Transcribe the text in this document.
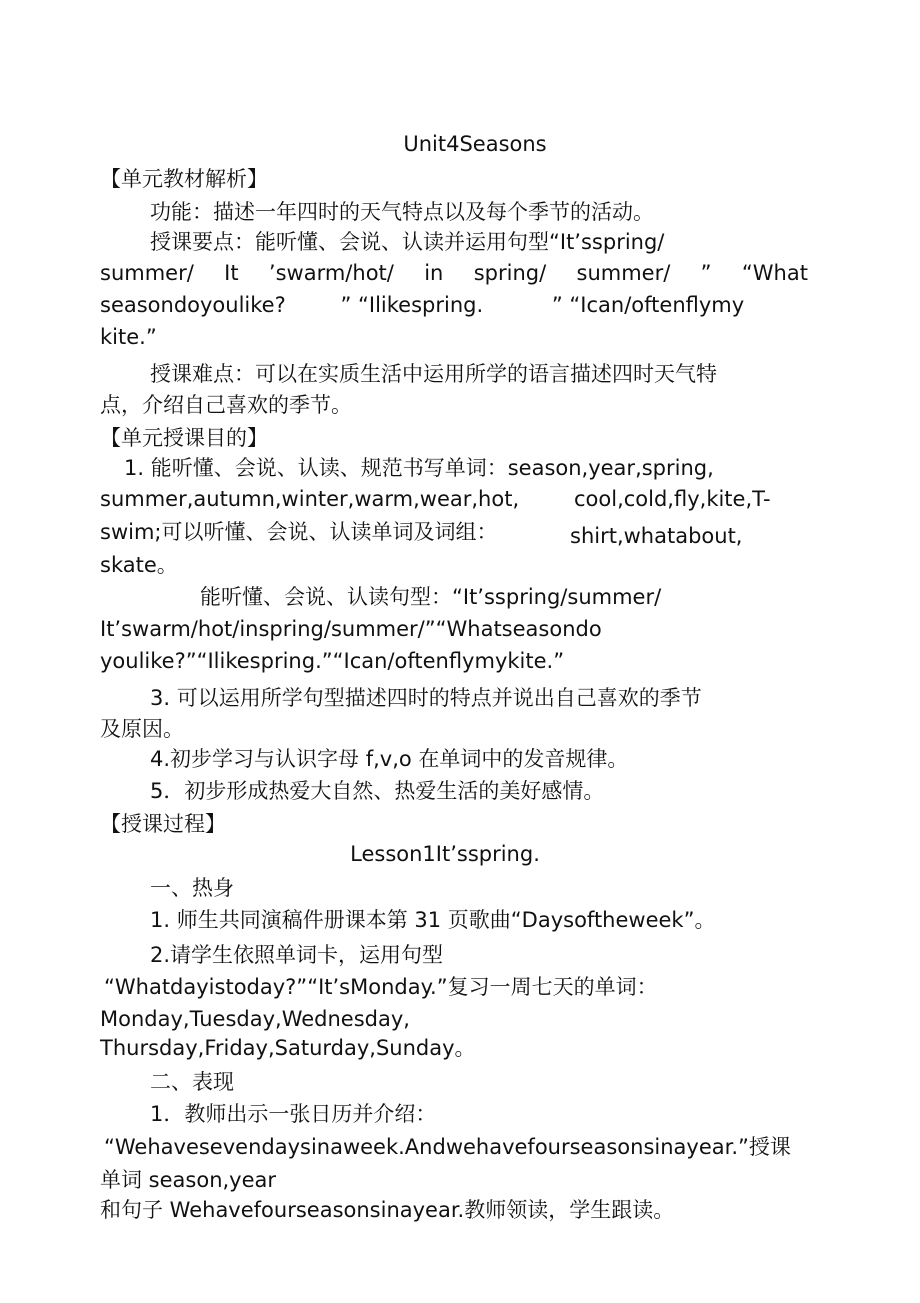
Unit4Seasons
【单元教材解析】
功能：描述一年四时的天气特点以及每个季节的活动。
授课要点：能听懂、会说、认读并运用句型“It’sspring/
summer/ It ’swarm/hot/ in spring/ summer/ ” “What
seasondoyoulike?	” “Ilikespring.	” “Ican/oftenflymy
kite.”
授课难点：可以在实质生活中运用所学的语言描述四时天气特
点，介绍自己喜欢的季节。
【单元授课目的】
1. 能听懂、会说、认读、规范书写单词：season,year,spring,
summer,autumn,winter,warm,wear,hot,	cool,cold,fly,kite,T-
swim;可以听懂、会说、认读单词及词组：	shirt,whatabout,
skate。
能听懂、会说、认读句型：“It’sspring/summer/
It’swarm/hot/inspring/summer/”“Whatseasondo
youlike?”“Ilikespring.”“Ican/oftenflymykite.”
3. 可以运用所学句型描述四时的特点并说出自己喜欢的季节
及原因。
4.初步学习与认识字母 f,v,o 在单词中的发音规律。
5．初步形成热爱大自然、热爱生活的美好感情。
【授课过程】
Lesson1It’sspring.
一、热身
1. 师生共同演稿件册课本第 31 页歌曲“Daysoftheweek”。
2.请学生依照单词卡，运用句型
“Whatdayistoday?”“It’sMonday.”复习一周七天的单词：
Monday,Tuesday,Wednesday,
Thursday,Friday,Saturday,Sunday。
二、表现
1．教师出示一张日历并介绍：
“Wehavesevendaysinaweek.Andwehavefourseasonsinayear.”授课
单词 season,year
和句子 Wehavefourseasonsinayear.教师领读，学生跟读。
